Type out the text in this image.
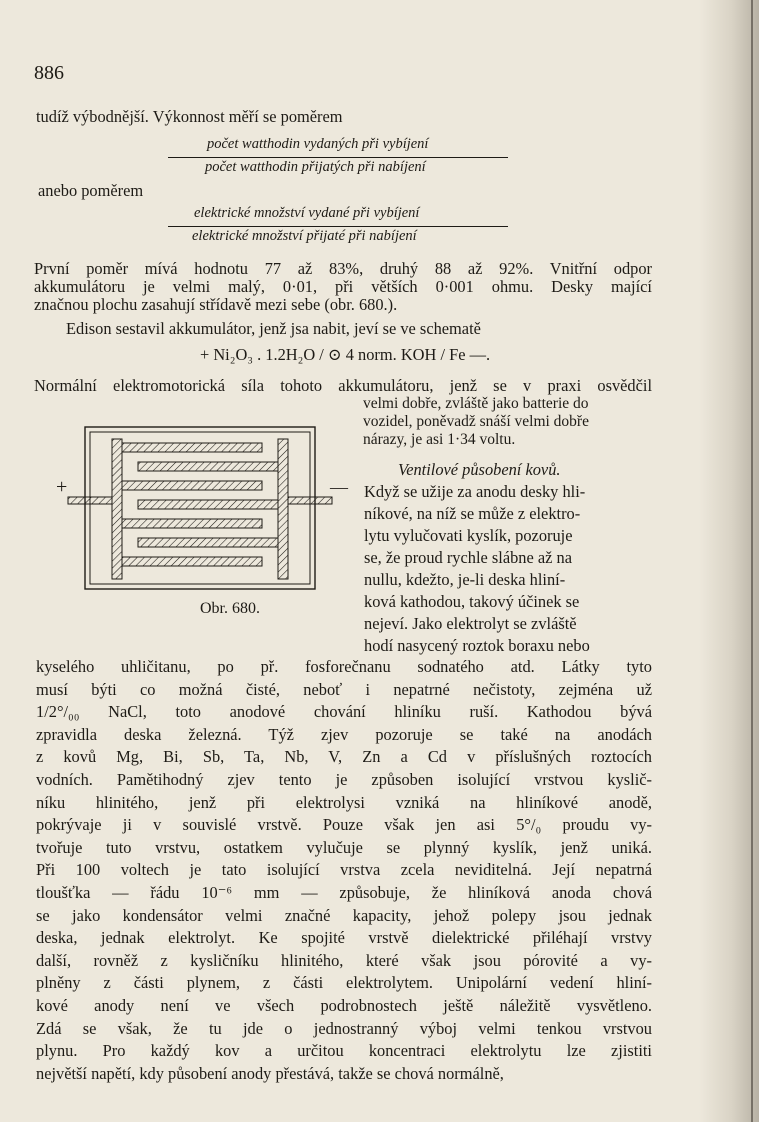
886
tudíž výbodnější. Výkonnost měří se poměrem
počet watthodin vydaných při vybíjení
počet watthodin přijatých při nabíjení
anebo poměrem
elektrické množství vydané při vybíjení
elektrické množství přijaté při nabíjení
První poměr mívá hodnotu 77 až 83%, druhý 88 až 92%. Vnitřní odpor
akkumulátoru je velmi malý, 0·01, při větších 0·001 ohmu. Desky mající
značnou plochu zasahují střídavě mezi sebe (obr. 680.).
Edison sestavil akkumulátor, jenž jsa nabit, jeví se ve schematě
+ Ni₂O₃ . 1.2H₂O / ⊙ 4 norm. KOH / Fe —.
Normální elektromotorická síla tohoto akkumulátoru, jenž se v praxi osvědčil
velmi dobře, zvláště jako batterie do
vozidel, poněvadž snáší velmi dobře
nárazy, je asi 1·34 voltu.
Ventilové působení kovů.
Když se užije za anodu desky hli-
níkové, na níž se může z elektro-
lytu vylučovati kyslík, pozoruje
se, že proud rychle slábne až na
nullu, kdežto, je-li deska hliní-
ková kathodou, takový účinek se
nejeví. Jako elektrolyt se zvláště
hodí nasycený roztok boraxu nebo
+	—
Obr. 680.
kyselého uhličitanu, po př. fosforečnanu sodnatého atd. Látky tyto
musí býti co možná čisté, neboť i nepatrné nečistoty, zejména už
1/2°/₀₀ NaCl, toto anodové chování hliníku ruší. Kathodou bývá
zpravidla deska železná. Týž zjev pozoruje se také na anodách
z kovů Mg, Bi, Sb, Ta, Nb, V, Zn a Cd v příslušných roztocích
vodních. Pamětihodný zjev tento je způsoben isolující vrstvou kyslič-
níku hlinitého, jenž při elektrolysi vzniká na hliníkové anodě,
pokrývaje ji v souvislé vrstvě. Pouze však jen asi 5°/₀ proudu vy-
tvořuje tuto vrstvu, ostatkem vylučuje se plynný kyslík, jenž uniká.
Při 100 voltech je tato isolující vrstva zcela neviditelná. Její nepatrná
tloušťka — řádu 10⁻⁶ mm — způsobuje, že hliníková anoda chová
se jako kondensátor velmi značné kapacity, jehož polepy jsou jednak
deska, jednak elektrolyt. Ke spojité vrstvě dielektrické přiléhají vrstvy
další, rovněž z kysličníku hlinitého, které však jsou pórovité a vy-
plněny z části plynem, z části elektrolytem. Unipolární vedení hliní-
kové anody není ve všech podrobnostech ještě náležitě vysvětleno.
Zdá se však, že tu jde o jednostranný výboj velmi tenkou vrstvou
plynu. Pro každý kov a určitou koncentraci elektrolytu lze zjistiti
největší napětí, kdy působení anody přestává, takže se chová normálně,
